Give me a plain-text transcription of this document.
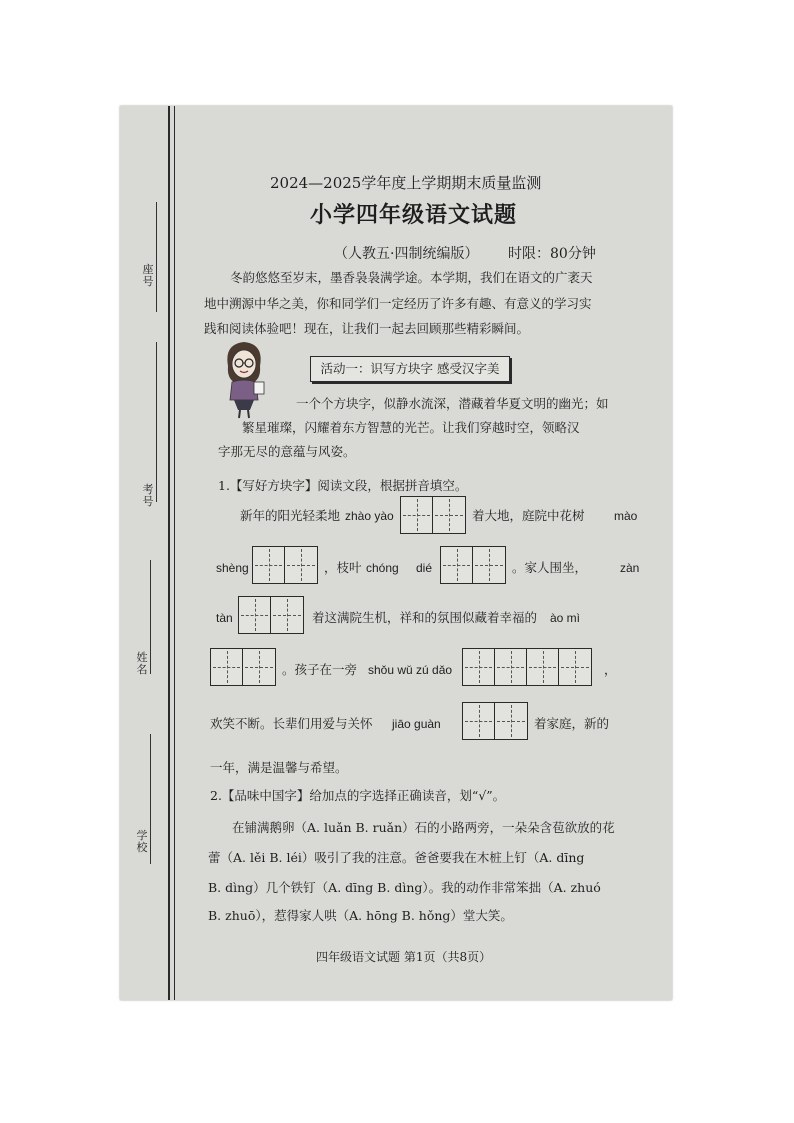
座号
考号
姓名
学校
2024—2025学年度上学期期末质量监测
小学四年级语文试题
（人教五·四制统编版） 时限：80分钟
冬韵悠悠至岁末，墨香袅袅满学途。本学期，我们在语文的广袤天
地中溯源中华之美，你和同学们一定经历了许多有趣、有意义的学习实
践和阅读体验吧！现在，让我们一起去回顾那些精彩瞬间。
活动一：识写方块字 感受汉字美
一个个方块字，似静水流深，潜藏着华夏文明的幽光；如
繁星璀璨，闪耀着东方智慧的光芒。让我们穿越时空，领略汉
字那无尽的意蕴与风姿。
1.【写好方块字】阅读文段，根据拼音填空。
新年的阳光轻柔地 zhào yào	着大地，庭院中花树 mào
shèng	，枝叶 chóng dié	。家人围坐，	zàn
tàn	着这满院生机，祥和的氛围似藏着幸福的 ào mì
。孩子在一旁 shǒu wǔ zú dǎo	，
欢笑不断。长辈们用爱与关怀 jiāo guàn	着家庭，新的
一年，满是温馨与希望。
2.【品味中国字】给加点的字选择正确读音，划“√”。
在铺满鹅卵（A. luǎn B. ruǎn）石的小路两旁，一朵朵含苞欲放的花
蕾（A. lěi B. léi）吸引了我的注意。爸爸要我在木桩上钉（A. dīng
B. dìng）几个铁钉（A. dīng B. dìng）。我的动作非常笨拙（A. zhuó
B. zhuō），惹得家人哄（A. hōng B. hǒng）堂大笑。
四年级语文试题 第1页（共8页）
